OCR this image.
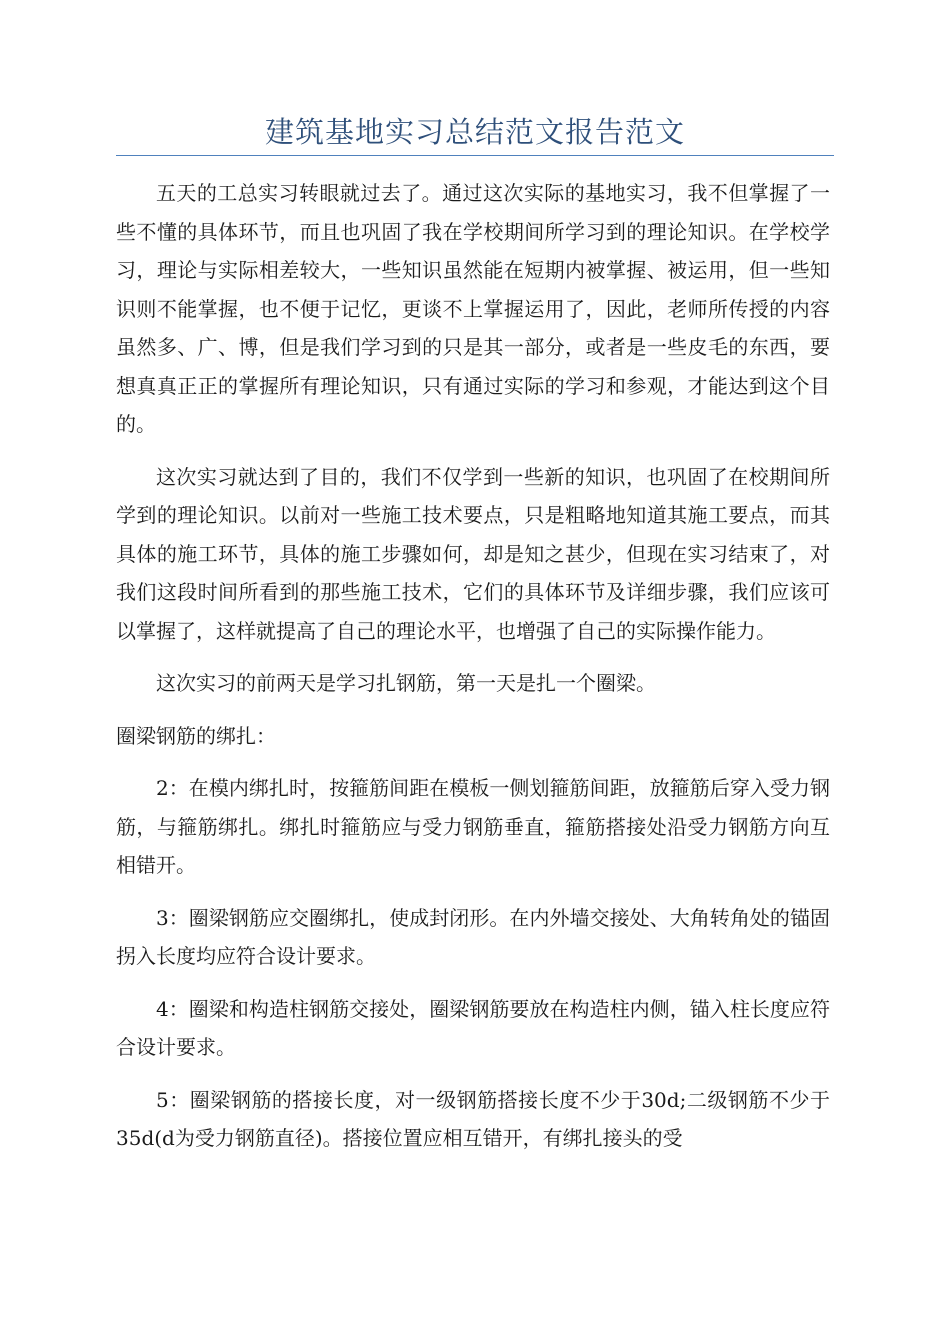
建筑基地实习总结范文报告范文

五天的工总实习转眼就过去了。通过这次实际的基地实习，我不但掌握了一些不懂的具体环节，而且也巩固了我在学校期间所学习到的理论知识。在学校学习，理论与实际相差较大，一些知识虽然能在短期内被掌握、被运用，但一些知识则不能掌握，也不便于记忆，更谈不上掌握运用了，因此，老师所传授的内容虽然多、广、博，但是我们学习到的只是其一部分，或者是一些皮毛的东西，要想真真正正的掌握所有理论知识，只有通过实际的学习和参观，才能达到这个目的。

这次实习就达到了目的，我们不仅学到一些新的知识，也巩固了在校期间所学到的理论知识。以前对一些施工技术要点，只是粗略地知道其施工要点，而其具体的施工环节，具体的施工步骤如何，却是知之甚少，但现在实习结束了，对我们这段时间所看到的那些施工技术，它们的具体环节及详细步骤，我们应该可以掌握了，这样就提高了自己的理论水平，也增强了自己的实际操作能力。

这次实习的前两天是学习扎钢筋，第一天是扎一个圈梁。

圈梁钢筋的绑扎：

2：在模内绑扎时，按箍筋间距在模板一侧划箍筋间距，放箍筋后穿入受力钢筋，与箍筋绑扎。绑扎时箍筋应与受力钢筋垂直，箍筋搭接处沿受力钢筋方向互相错开。

3：圈梁钢筋应交圈绑扎，使成封闭形。在内外墙交接处、大角转角处的锚固拐入长度均应符合设计要求。

4：圈梁和构造柱钢筋交接处，圈梁钢筋要放在构造柱内侧，锚入柱长度应符合设计要求。

5：圈梁钢筋的搭接长度，对一级钢筋搭接长度不少于30d;二级钢筋不少于35d(d为受力钢筋直径)。搭接位置应相互错开，有绑扎接头的受
